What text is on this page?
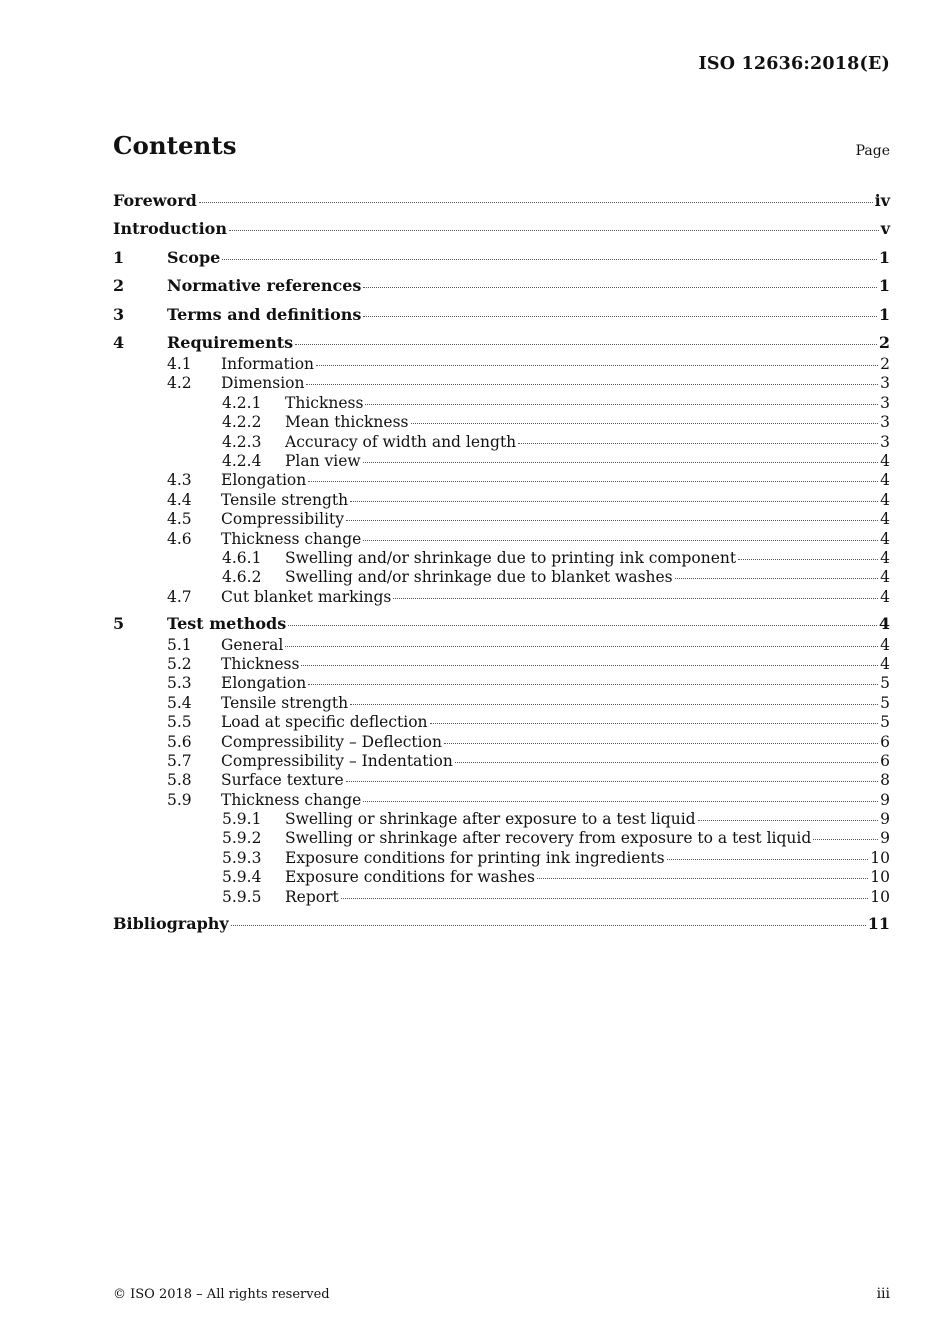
ISO 12636:2018(E)
Contents	Page
Foreword	iv
Introduction	v
1	Scope	1
2	Normative references	1
3	Terms and definitions	1
4	Requirements	2
4.1	Information	2
4.2	Dimension	3
4.2.1	Thickness	3
4.2.2	Mean thickness	3
4.2.3	Accuracy of width and length	3
4.2.4	Plan view	4
4.3	Elongation	4
4.4	Tensile strength	4
4.5	Compressibility	4
4.6	Thickness change	4
4.6.1	Swelling and/or shrinkage due to printing ink component	4
4.6.2	Swelling and/or shrinkage due to blanket washes	4
4.7	Cut blanket markings	4
5	Test methods	4
5.1	General	4
5.2	Thickness	4
5.3	Elongation	5
5.4	Tensile strength	5
5.5	Load at specific deflection	5
5.6	Compressibility – Deflection	6
5.7	Compressibility – Indentation	6
5.8	Surface texture	8
5.9	Thickness change	9
5.9.1	Swelling or shrinkage after exposure to a test liquid	9
5.9.2	Swelling or shrinkage after recovery from exposure to a test liquid	9
5.9.3	Exposure conditions for printing ink ingredients	10
5.9.4	Exposure conditions for washes	10
5.9.5	Report	10
Bibliography	11
© ISO 2018 – All rights reserved	iii
